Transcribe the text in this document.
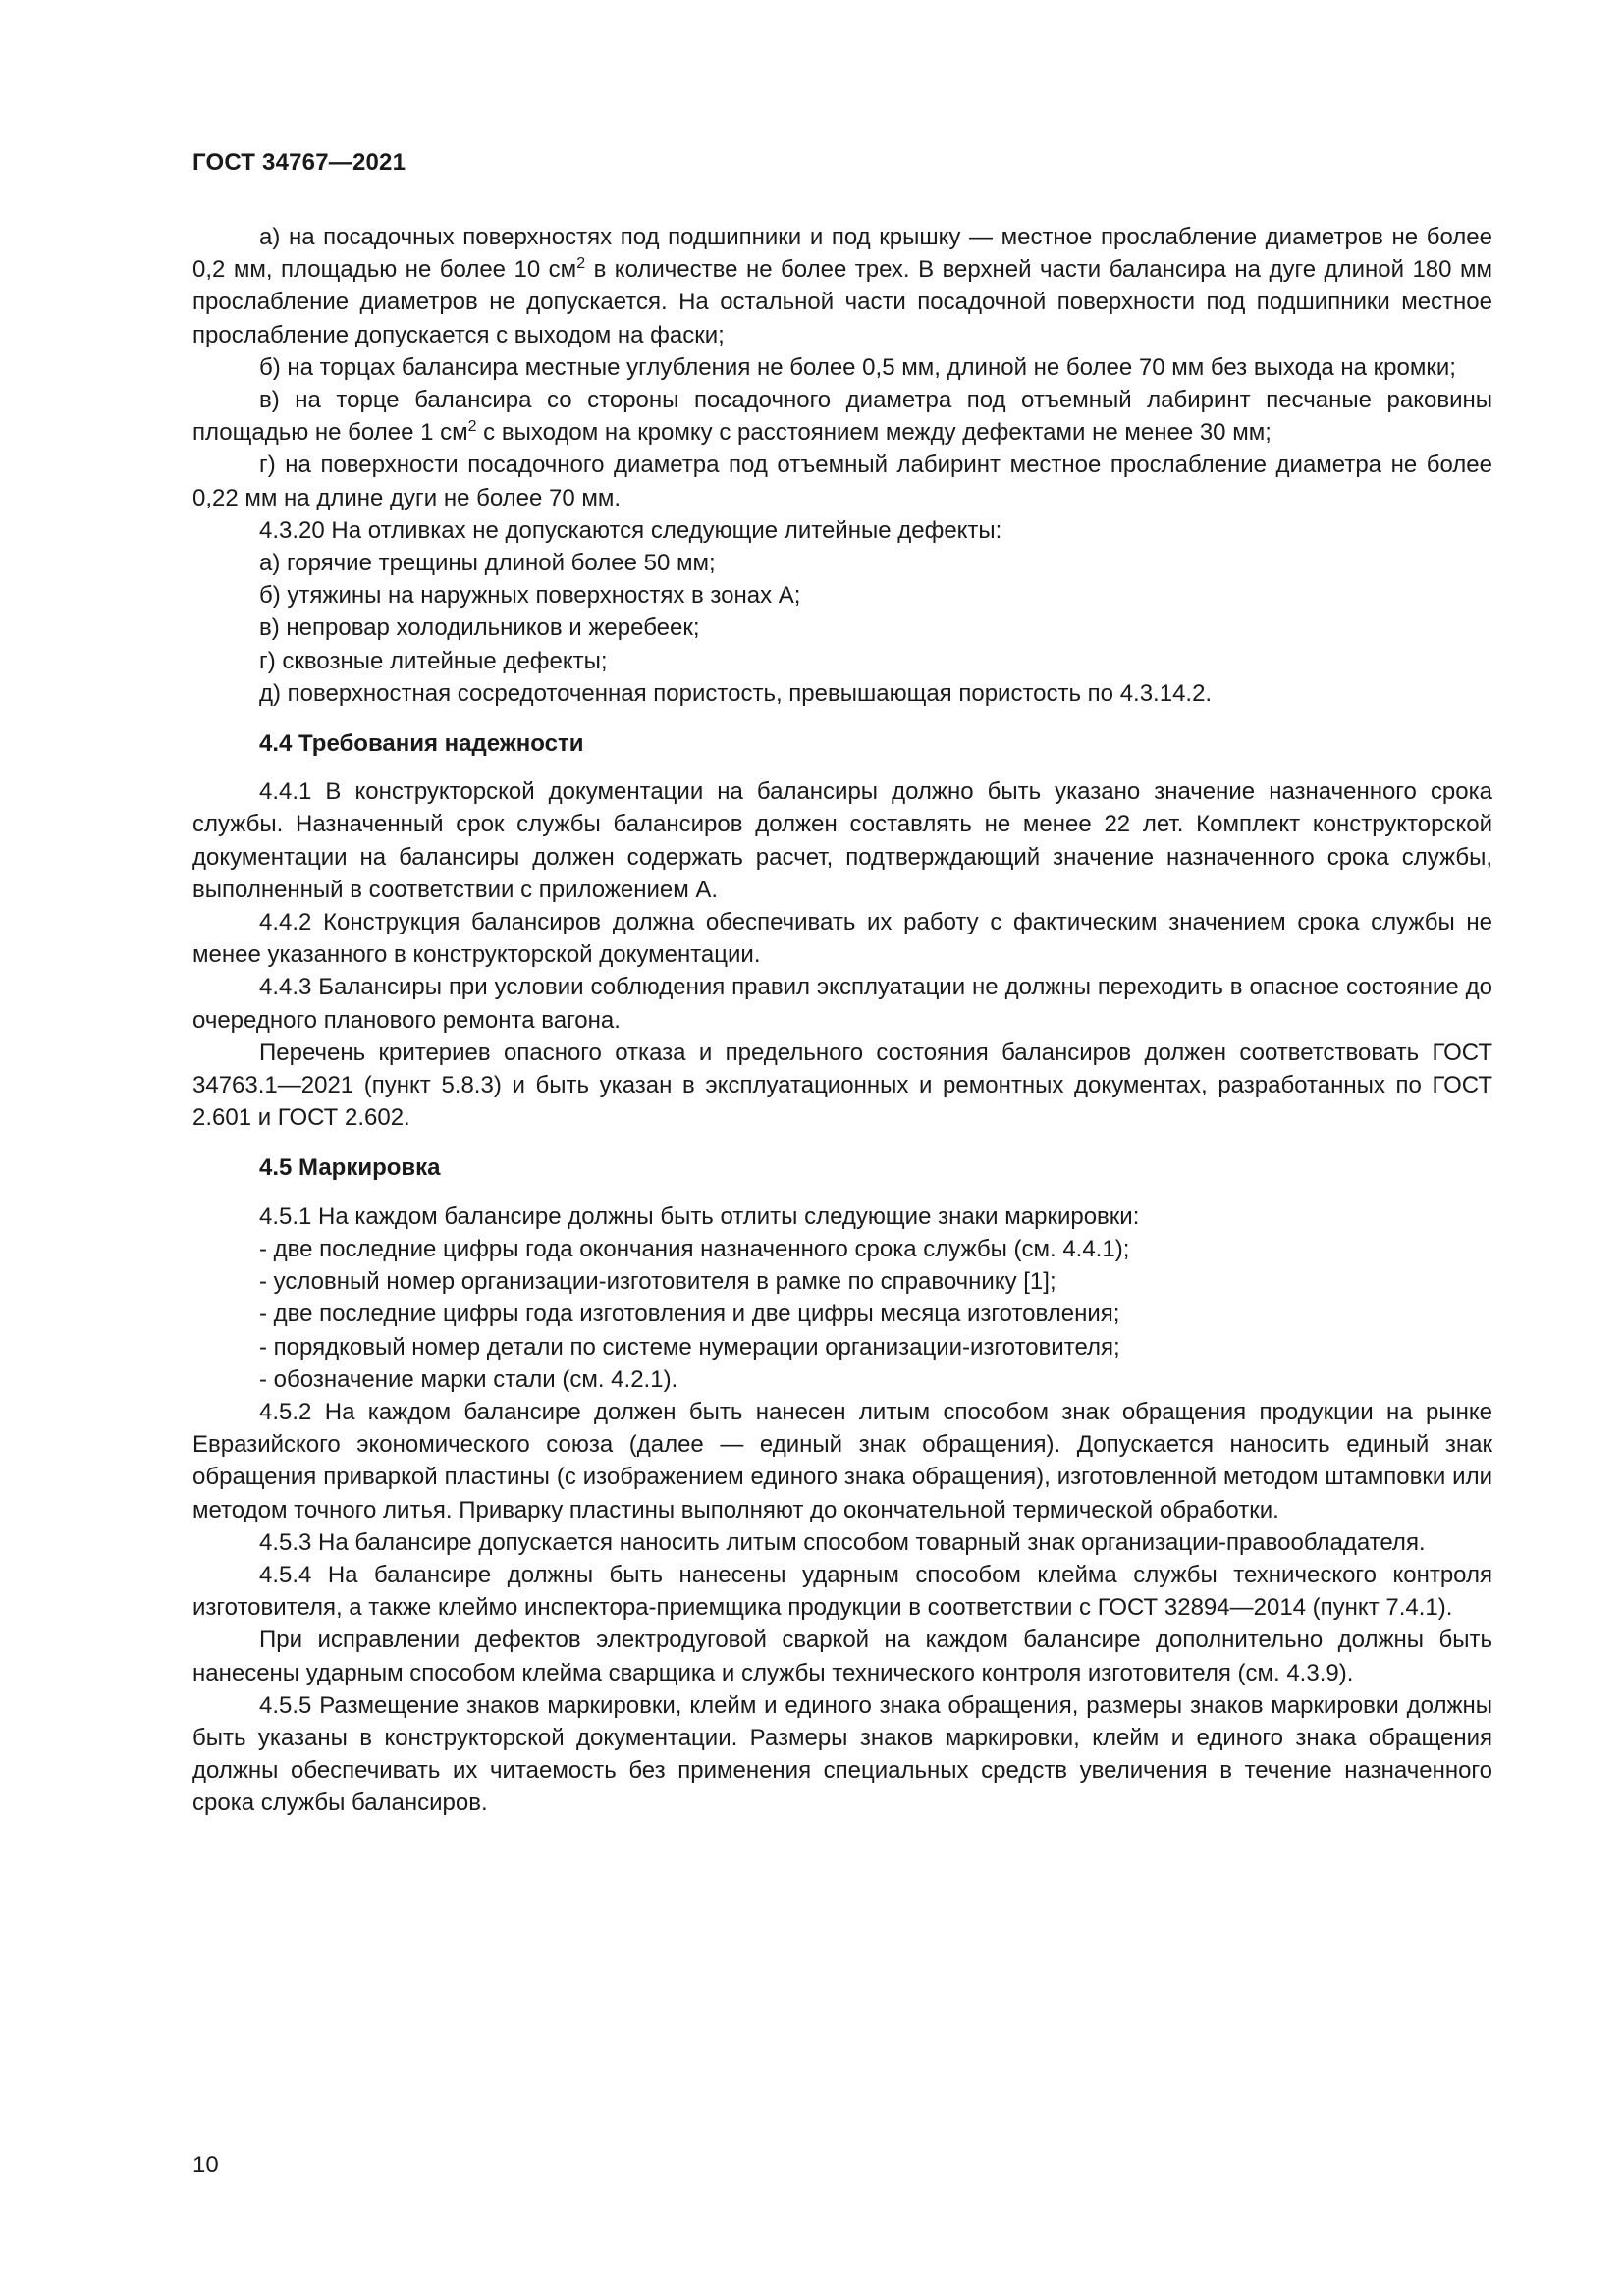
ГОСТ 34767—2021

а) на посадочных поверхностях под подшипники и под крышку — местное прослабление диаметров не более 0,2 мм, площадью не более 10 $см^2$ в количестве не более трех. В верхней части балансира на дуге длиной 180 мм прослабление диаметров не допускается. На остальной части посадочной поверхности под подшипники местное прослабление допускается с выходом на фаски;

б) на торцах балансира местные углубления не более 0,5 мм, длиной не более 70 мм без выхода на кромки;

в) на торце балансира со стороны посадочного диаметра под отъемный лабиринт песчаные раковины площадью не более 1 $см^2$ с выходом на кромку с расстоянием между дефектами не менее 30 мм;

г) на поверхности посадочного диаметра под отъемный лабиринт местное прослабление диаметра не более 0,22 мм на длине дуги не более 70 мм.

4.3.20 На отливках не допускаются следующие литейные дефекты:

а) горячие трещины длиной более 50 мм;

б) утяжины на наружных поверхностях в зонах А;

в) непровар холодильников и жеребеек;

г) сквозные литейные дефекты;

д) поверхностная сосредоточенная пористость, превышающая пористость по 4.3.14.2.

4.4 Требования надежности

4.4.1 В конструкторской документации на балансиры должно быть указано значение назначенного срока службы. Назначенный срок службы балансиров должен составлять не менее 22 лет. Комплект конструкторской документации на балансиры должен содержать расчет, подтверждающий значение назначенного срока службы, выполненный в соответствии с приложением А.

4.4.2 Конструкция балансиров должна обеспечивать их работу с фактическим значением срока службы не менее указанного в конструкторской документации.

4.4.3 Балансиры при условии соблюдения правил эксплуатации не должны переходить в опасное состояние до очередного планового ремонта вагона.

Перечень критериев опасного отказа и предельного состояния балансиров должен соответствовать ГОСТ 34763.1—2021 (пункт 5.8.3) и быть указан в эксплуатационных и ремонтных документах, разработанных по ГОСТ 2.601 и ГОСТ 2.602.

4.5 Маркировка

4.5.1 На каждом балансире должны быть отлиты следующие знаки маркировки:

- две последние цифры года окончания назначенного срока службы (см. 4.4.1);

- условный номер организации-изготовителя в рамке по справочнику [1];

- две последние цифры года изготовления и две цифры месяца изготовления;

- порядковый номер детали по системе нумерации организации-изготовителя;

- обозначение марки стали (см. 4.2.1).

4.5.2 На каждом балансире должен быть нанесен литым способом знак обращения продукции на рынке Евразийского экономического союза (далее — единый знак обращения). Допускается наносить единый знак обращения приваркой пластины (с изображением единого знака обращения), изготовленной методом штамповки или методом точного литья. Приварку пластины выполняют до окончательной термической обработки.

4.5.3 На балансире допускается наносить литым способом товарный знак организации-правообладателя.

4.5.4 На балансире должны быть нанесены ударным способом клейма службы технического контроля изготовителя, а также клеймо инспектора-приемщика продукции в соответствии с ГОСТ 32894—2014 (пункт 7.4.1).

При исправлении дефектов электродуговой сваркой на каждом балансире дополнительно должны быть нанесены ударным способом клейма сварщика и службы технического контроля изготовителя (см. 4.3.9).

4.5.5 Размещение знаков маркировки, клейм и единого знака обращения, размеры знаков маркировки должны быть указаны в конструкторской документации. Размеры знаков маркировки, клейм и единого знака обращения должны обеспечивать их читаемость без применения специальных средств увеличения в течение назначенного срока службы балансиров.

10
